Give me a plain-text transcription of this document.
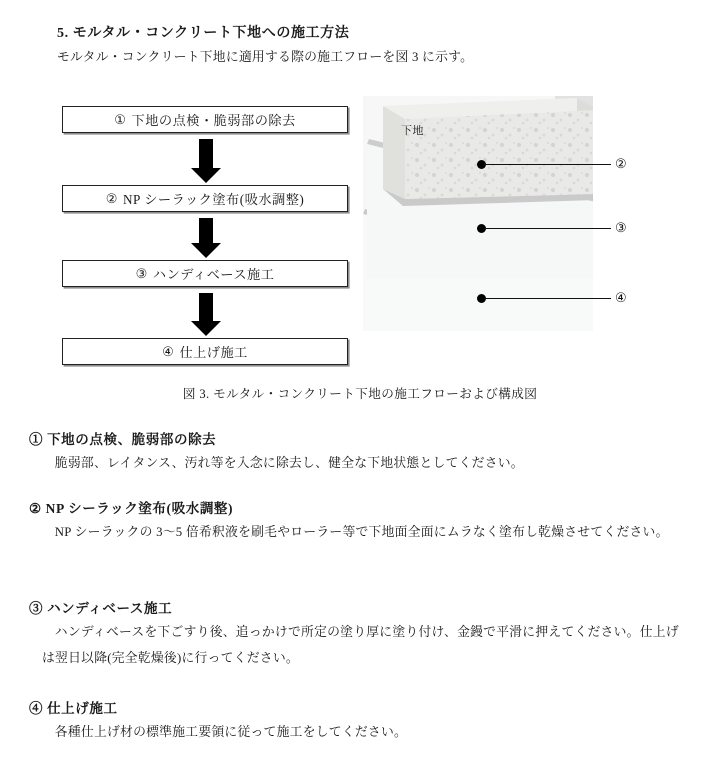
5. モルタル・コンクリート下地への施工方法
モルタル・コンクリート下地に適用する際の施工フローを図 3 に示す。
① 下地の点検・脆弱部の除去
② NP シーラック塗布(吸水調整)
③ ハンディベース施工
④ 仕上げ施工
下地
②
③
④
図 3. モルタル・コンクリート下地の施工フローおよび構成図
① 下地の点検、脆弱部の除去
脆弱部、レイタンス、汚れ等を入念に除去し、健全な下地状態としてください。
② NP シーラック塗布(吸水調整)
NP シーラックの 3〜5 倍希釈液を刷毛やローラー等で下地面全面にムラなく塗布し乾燥させてください。
③ ハンディベース施工
ハンディベースを下ごすり後、追っかけで所定の塗り厚に塗り付け、金鏝で平滑に押えてください。仕上げは翌日以降(完全乾燥後)に行ってください。
④ 仕上げ施工
各種仕上げ材の標準施工要領に従って施工をしてください。
